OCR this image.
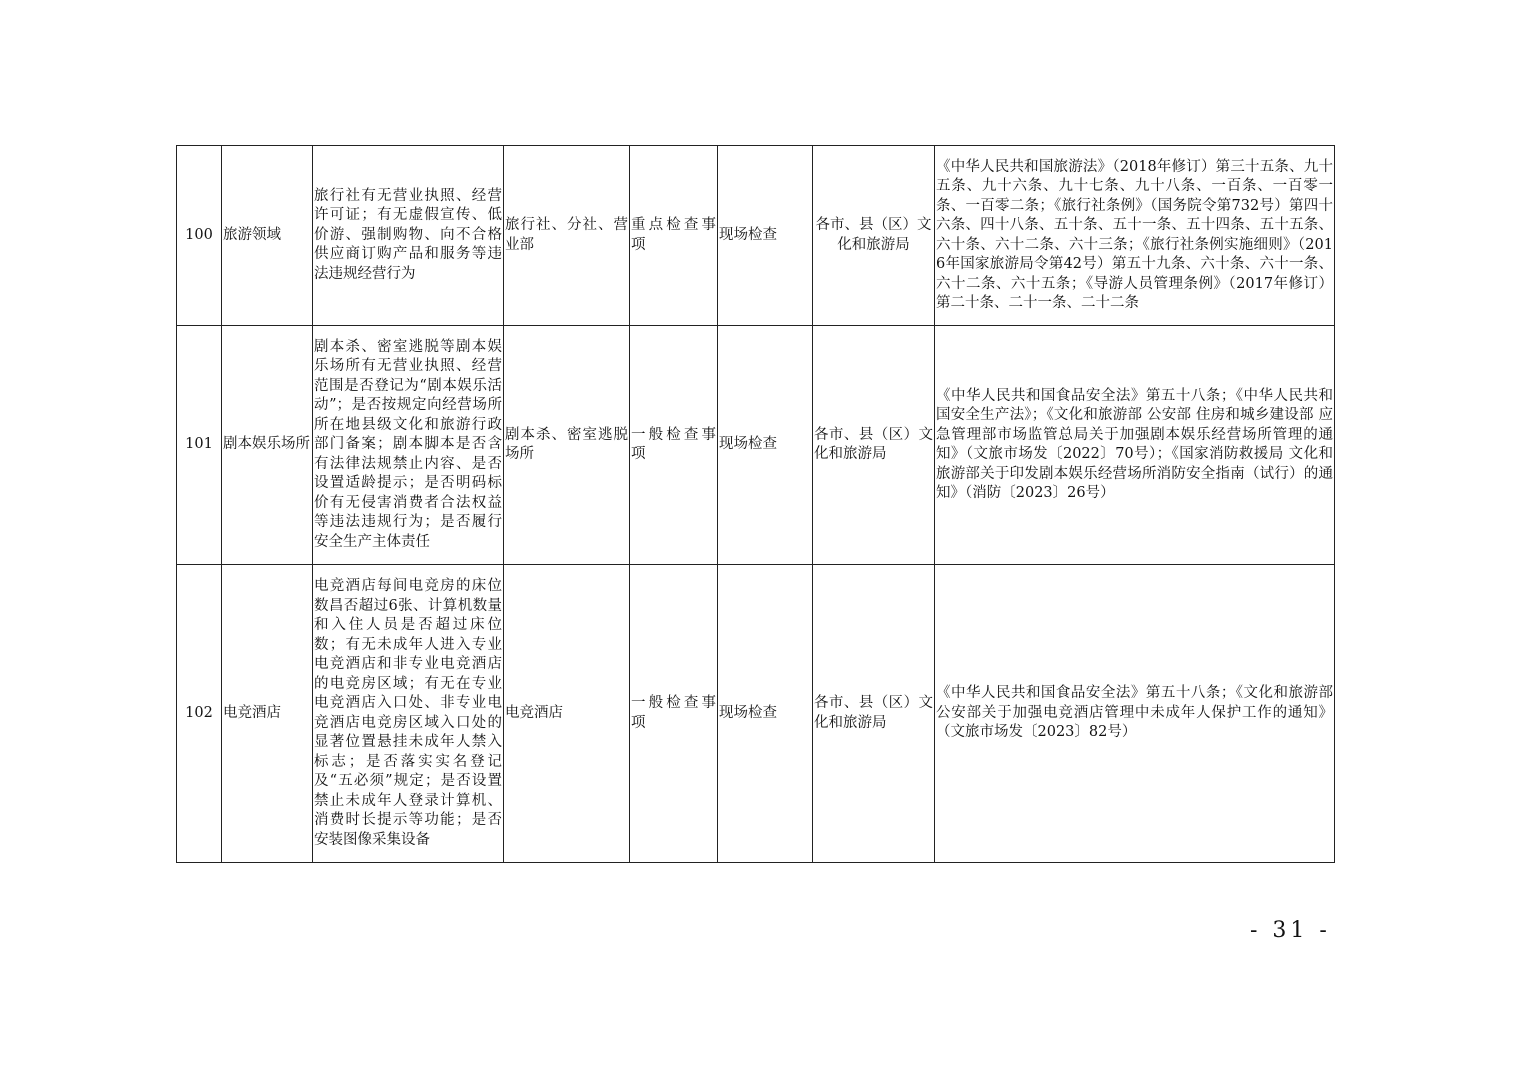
100	旅游领域	旅行社有无营业执照、经营许可证；有无虚假宣传、低价游、强制购物、向不合格供应商订购产品和服务等违法违规经营行为	旅行社、分社、营业部	重点检查事项	现场检查	各市、县（区）文化和旅游局	《中华人民共和国旅游法》（2018年修订）第三十五条、九十五条、九十六条、九十七条、九十八条、一百条、一百零一条、一百零二条；《旅行社条例》（国务院令第732号）第四十六条、四十八条、五十条、五十一条、五十四条、五十五条、六十条、六十二条、六十三条；《旅行社条例实施细则》（2016年国家旅游局令第42号）第五十九条、六十条、六十一条、六十二条、六十五条；《导游人员管理条例》（2017年修订）第二十条、二十一条、二十二条
101	剧本娱乐场所	剧本杀、密室逃脱等剧本娱乐场所有无营业执照、经营范围是否登记为“剧本娱乐活动”；是否按规定向经营场所所在地县级文化和旅游行政部门备案；剧本脚本是否含有法律法规禁止内容、是否设置适龄提示；是否明码标价有无侵害消费者合法权益等违法违规行为；是否履行安全生产主体责任	剧本杀、密室逃脱场所	一般检查事项	现场检查	各市、县（区）文化和旅游局	《中华人民共和国食品安全法》第五十八条；《中华人民共和国安全生产法》；《文化和旅游部 公安部 住房和城乡建设部 应急管理部市场监管总局关于加强剧本娱乐经营场所管理的通知》（文旅市场发〔2022〕70号）；《国家消防救援局 文化和旅游部关于印发剧本娱乐经营场所消防安全指南（试行）的通知》（消防〔2023〕26号）
102	电竞酒店	电竞酒店每间电竞房的床位数昌否超过6张、计算机数量和入住人员是否超过床位数；有无未成年人进入专业电竞酒店和非专业电竞酒店的电竞房区域；有无在专业电竞酒店入口处、非专业电竞酒店电竞房区域入口处的显著位置悬挂未成年人禁入标志；是否落实实名登记及“五必须”规定；是否设置禁止未成年人登录计算机、消费时长提示等功能；是否安装图像采集设备	电竞酒店	一般检查事项	现场检查	各市、县（区）文化和旅游局	《中华人民共和国食品安全法》第五十八条；《文化和旅游部 公安部关于加强电竞酒店管理中未成年人保护工作的通知》（文旅市场发〔2023〕82号）
- 31 -
